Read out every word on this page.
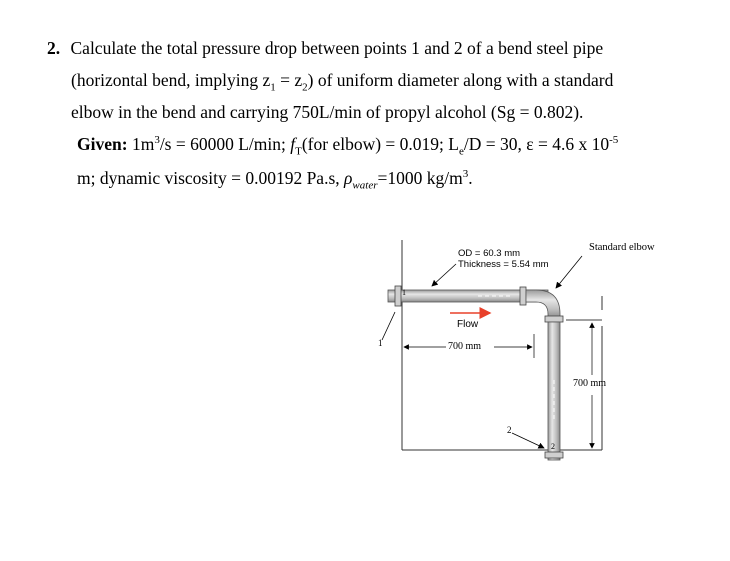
2. Calculate the total pressure drop between points 1 and 2 of a bend steel pipe
(horizontal bend, implying $z_1 = z_2$) of uniform diameter along with a standard
elbow in the bend and carrying 750L/min of propyl alcohol (Sg = 0.802).
Given: $1m^3/s = 60000$ L/min; $f_T(for$ elbow) = 0.019; $L_e/D = 30$, ε = 4.6 x $10^{-5}$
m; dynamic viscosity = 0.00192 Pa.s, $\rho_{water}=1000$ $kg/m^3$.
OD = 60.3 mm
Thickness = 5.54 mm
Standard elbow
Flow
700 mm
700 mm
1
1
2
2
